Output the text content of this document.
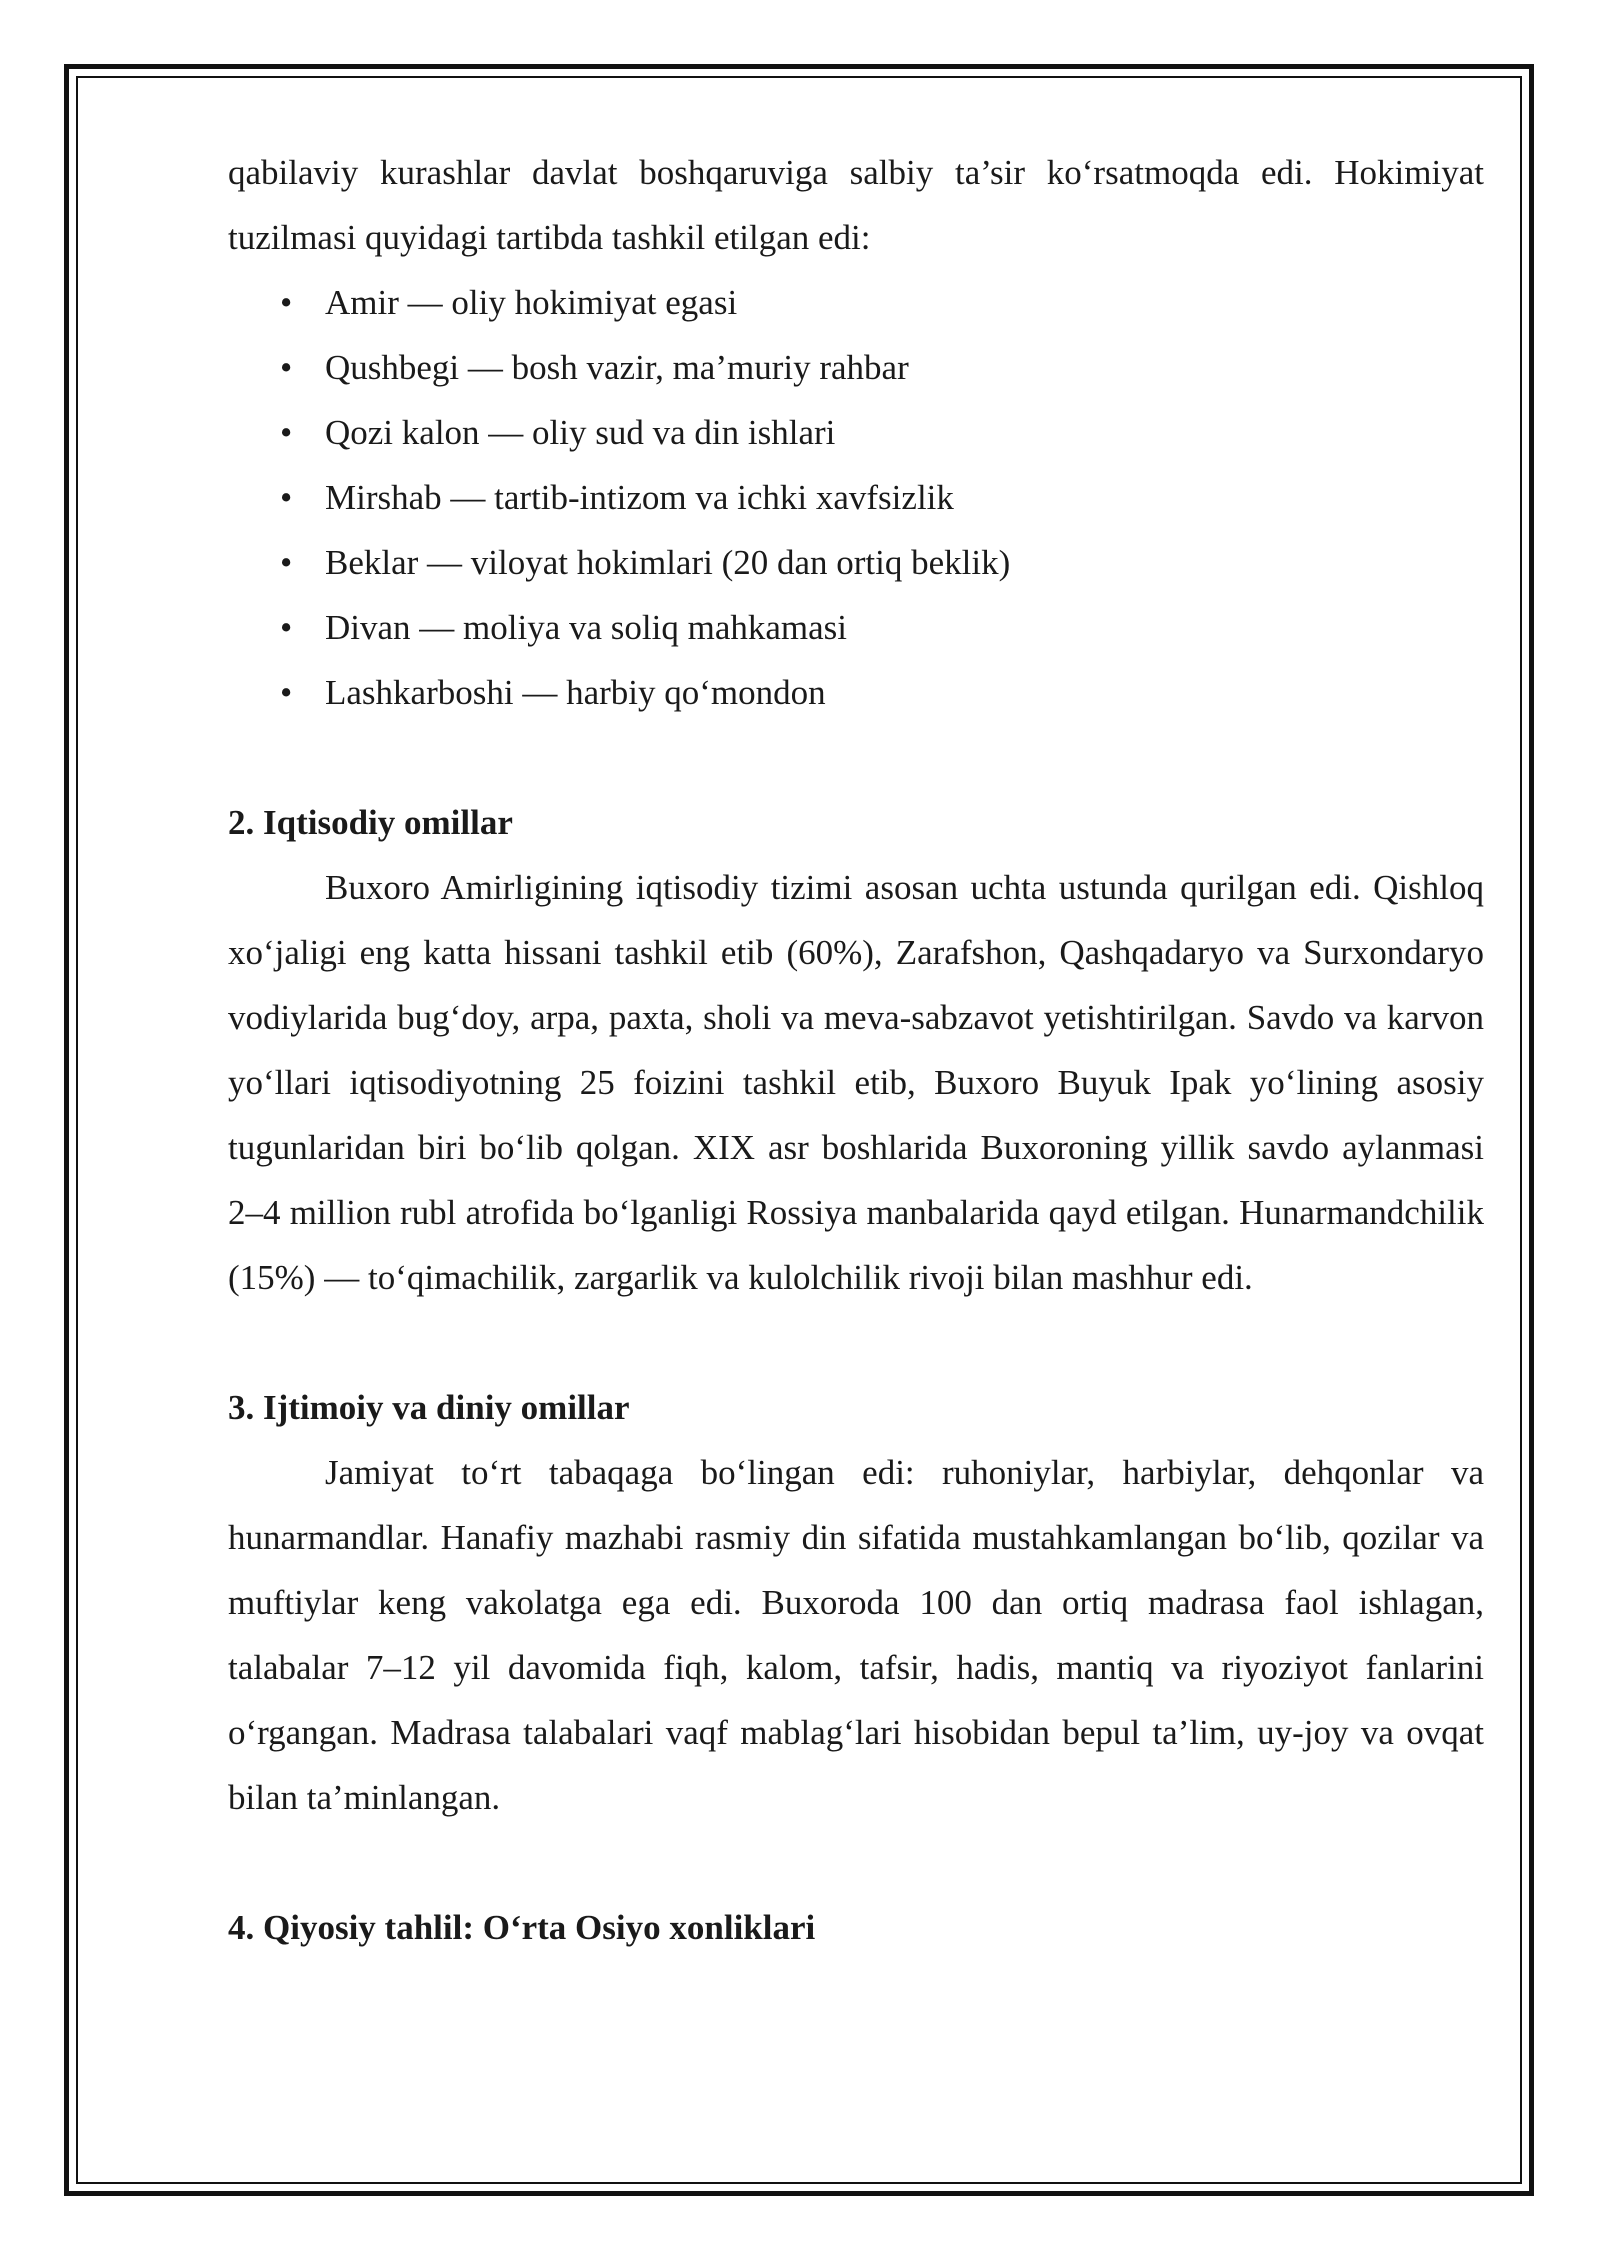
qabilaviy kurashlar davlat boshqaruviga salbiy ta’sir ko‘rsatmoqda edi. Hokimiyat

tuzilmasi quyidagi tartibda tashkil etilgan edi:

• Amir — oliy hokimiyat egasi
• Qushbegi — bosh vazir, ma’muriy rahbar
• Qozi kalon — oliy sud va din ishlari
• Mirshab — tartib-intizom va ichki xavfsizlik
• Beklar — viloyat hokimlari (20 dan ortiq beklik)
• Divan — moliya va soliq mahkamasi
• Lashkarboshi — harbiy qoʻmondon

2. Iqtisodiy omillar

Buxoro Amirligining iqtisodiy tizimi asosan uchta ustunda qurilgan edi. Qishloq xo‘jaligi eng katta hissani tashkil etib (60%), Zarafshon, Qashqadaryo va Surxondaryo vodiylarida bug‘doy, arpa, paxta, sholi va meva-sabzavot yetishtirilgan. Savdo va karvon yo‘llari iqtisodiyotning 25 foizini tashkil etib, Buxoro Buyuk Ipak yo‘lining asosiy tugunlaridan biri bo‘lib qolgan. XIX asr boshlarida Buxoroning yillik savdo aylanmasi 2–4 million rubl atrofida bo‘lganligi Rossiya manbalarida qayd etilgan. Hunarmandchilik (15%) — to‘qimachilik, zargarlik va kulolchilik rivoji bilan mashhur edi.

3. Ijtimoiy va diniy omillar

Jamiyat to‘rt tabaqaga bo‘lingan edi: ruhoniylar, harbiylar, dehqonlar va hunarmandlar. Hanafiy mazhabi rasmiy din sifatida mustahkamlangan bo‘lib, qozilar va muftiylar keng vakolatga ega edi. Buxoroda 100 dan ortiq madrasa faol ishlagan, talabalar 7–12 yil davomida fiqh, kalom, tafsir, hadis, mantiq va riyoziyot fanlarini o‘rgangan. Madrasa talabalari vaqf mablag‘lari hisobidan bepul ta’lim, uy-joy va ovqat bilan ta’minlangan.

4. Qiyosiy tahlil: Oʻrta Osiyo xonliklari
